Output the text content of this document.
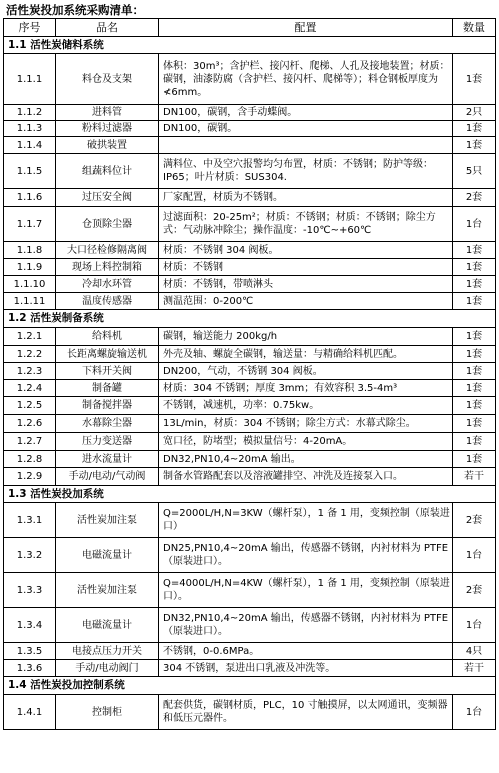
活性炭投加系统采购清单：
序号	品名	配置	数量
1.1 活性炭储料系统			
1.1.1	料仓及支架	体积：30m³；含护栏、接闪杆、爬梯、人孔及接地装置；材质：碳钢，油漆防腐（含护栏、接闪杆、爬梯等）；料仓钢板厚度为≮6mm。	1套
1.1.2	进料管	DN100，碳钢，含手动蝶阀。	2只
1.1.3	粉料过滤器	DN100，碳钢。	1套
1.1.4	破拱装置		1套
1.1.5	组蔬料位计	满料位、中及空穴报警均匀布置，材质：不锈钢；防护等级：IP65；叶片材质：SUS304.	5只
1.1.6	过压安全阀	厂家配置，材质为不锈钢。	2套
1.1.7	仓顶除尘器	过滤面积：20-25m²；材质：不锈钢；材质：不锈钢；除尘方式：气动脉冲除尘；操作温度：-10℃~+60℃	1台
1.1.8	大口径检修隔离阀	材质：不锈钢 304 阀板。	1套
1.1.9	现场上料控制箱	材质：不锈钢	1套
1.1.10	冷却水环管	材质：不锈钢，带喷淋头	1套
1.1.11	温度传感器	测温范围：0-200℃	1套
1.2 活性炭制备系统			
1.2.1	给料机	碳钢，输送能力 200kg/h	1套
1.2.2	长距离螺旋输送机	外壳及轴、螺旋全碳钢，输送量：与精确给料机匹配。	1套
1.2.3	下料开关阀	DN200，气动，不锈钢 304 阀板。	1套
1.2.4	制备罐	材质：304 不锈钢；厚度 3mm；有效容积 3.5-4m³	1套
1.2.5	制备搅拌器	不锈钢，减速机，功率：0.75kw。	1套
1.2.6	水幕除尘器	13L/min，材质：304 不锈钢；除尘方式：水幕式除尘。	1套
1.2.7	压力变送器	宽口径，防堵型；模拟量信号：4-20mA。	1套
1.2.8	进水流量计	DN32,PN10,4~20mA 输出。	1套
1.2.9	手动/电动/气动阀	制备水管路配套以及溶液罐排空、冲洗及连接泵入口。	若干
1.3 活性炭投加系统			
1.3.1	活性炭加注泵	Q=2000L/H,N=3KW（螺杆泵），1 备 1 用，变频控制（原装进口）	2套
1.3.2	电磁流量计	DN25,PN10,4~20mA 输出，传感器不锈钢，内衬材料为 PTFE（原装进口）。	1台
1.3.3	活性炭加注泵	Q=4000L/H,N=4KW（螺杆泵），1 备 1 用，变频控制（原装进口）。	2套
1.3.4	电磁流量计	DN32,PN10,4~20mA 输出，传感器不锈钢，内衬材料为 PTFE（原装进口）。	1台
1.3.5	电接点压力开关	不锈钢，0-0.6MPa。	4只
1.3.6	手动/电动阀门	304 不锈钢，泵进出口乳液及冲洗等。	若干
1.4 活性炭投加控制系统			
1.4.1	控制柜	配套供货，碳钢材质，PLC，10 寸触摸屏，以太网通讯，变频器和低压元器件。	1台
